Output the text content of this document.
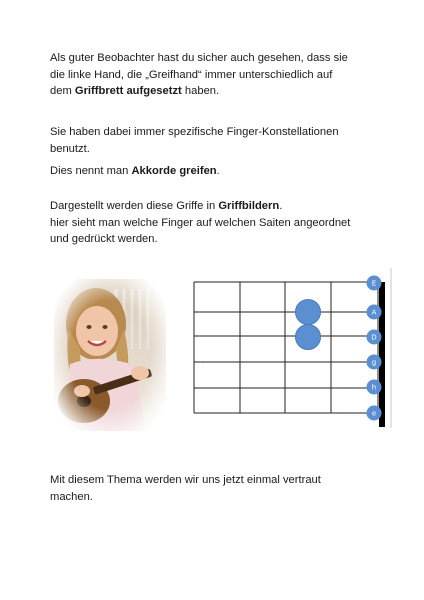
Als guter Beobachter hast du sicher auch gesehen, dass sie
die linke Hand, die „Greifhand“ immer unterschiedlich auf
dem Griffbrett aufgesetzt haben.
Sie haben dabei immer spezifische Finger-Konstellationen
benutzt.
Dies nennt man Akkorde greifen.
Dargestellt werden diese Griffe in Griffbildern.
hier sieht man welche Finger auf welchen Saiten angeordnet
und gedrückt werden.
'
E
A
D
g
h
e
Mit diesem Thema werden wir uns jetzt einmal vertraut
machen.
